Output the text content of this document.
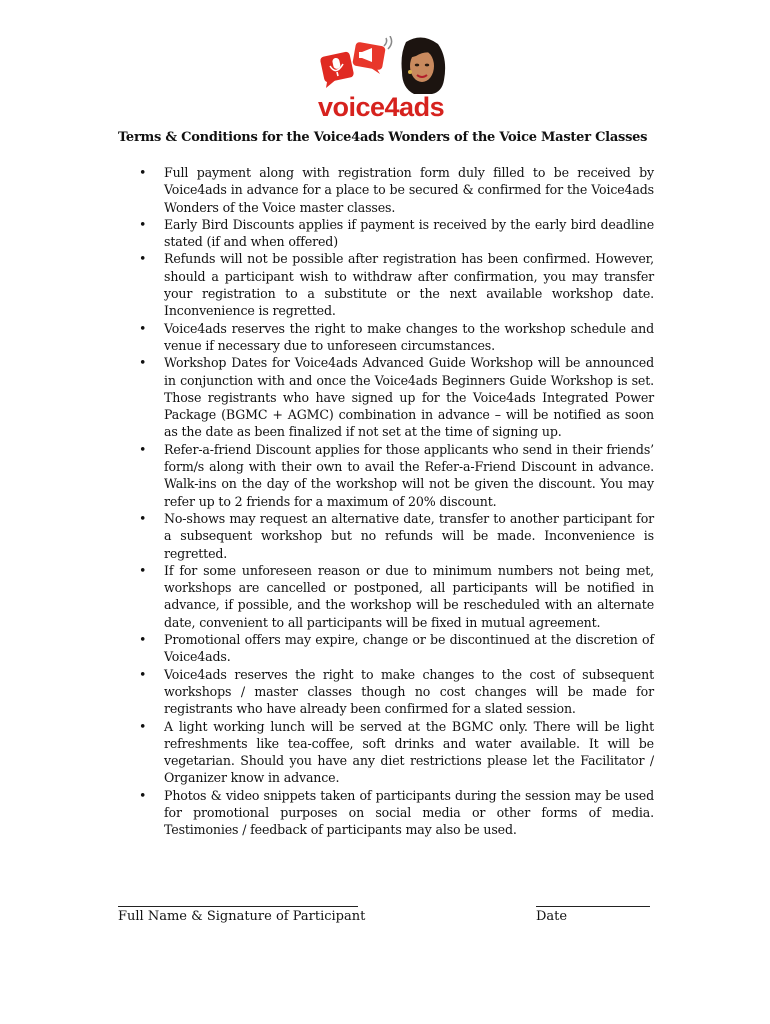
voice4ads
Terms & Conditions for the Voice4ads Wonders of the Voice Master Classes
• Full payment along with registration form duly filled to be received by Voice4ads in advance for a place to be secured & confirmed for the Voice4ads Wonders of the Voice master classes.
• Early Bird Discounts applies if payment is received by the early bird deadline stated (if and when offered)
• Refunds will not be possible after registration has been confirmed. However, should a participant wish to withdraw after confirmation, you may transfer your registration to a substitute or the next available workshop date. Inconvenience is regretted.
• Voice4ads reserves the right to make changes to the workshop schedule and venue if necessary due to unforeseen circumstances.
• Workshop Dates for Voice4ads Advanced Guide Workshop will be announced in conjunction with and once the Voice4ads Beginners Guide Workshop is set. Those registrants who have signed up for the Voice4ads Integrated Power Package (BGMC + AGMC) combination in advance – will be notified as soon as the date as been finalized if not set at the time of signing up.
• Refer-a-friend Discount applies for those applicants who send in their friends’ form/s along with their own to avail the Refer-a-Friend Discount in advance. Walk-ins on the day of the workshop will not be given the discount. You may refer up to 2 friends for a maximum of 20% discount.
• No-shows may request an alternative date, transfer to another participant for a subsequent workshop but no refunds will be made. Inconvenience is regretted.
• If for some unforeseen reason or due to minimum numbers not being met, workshops are cancelled or postponed, all participants will be notified in advance, if possible, and the workshop will be rescheduled with an alternate date, convenient to all participants will be fixed in mutual agreement.
• Promotional offers may expire, change or be discontinued at the discretion of Voice4ads.
• Voice4ads reserves the right to make changes to the cost of subsequent workshops / master classes though no cost changes will be made for registrants who have already been confirmed for a slated session.
• A light working lunch will be served at the BGMC only. There will be light refreshments like tea-coffee, soft drinks and water available. It will be vegetarian. Should you have any diet restrictions please let the Facilitator / Organizer know in advance.
• Photos & video snippets taken of participants during the session may be used for promotional purposes on social media or other forms of media. Testimonies / feedback of participants may also be used.
Full Name & Signature of Participant	Date
